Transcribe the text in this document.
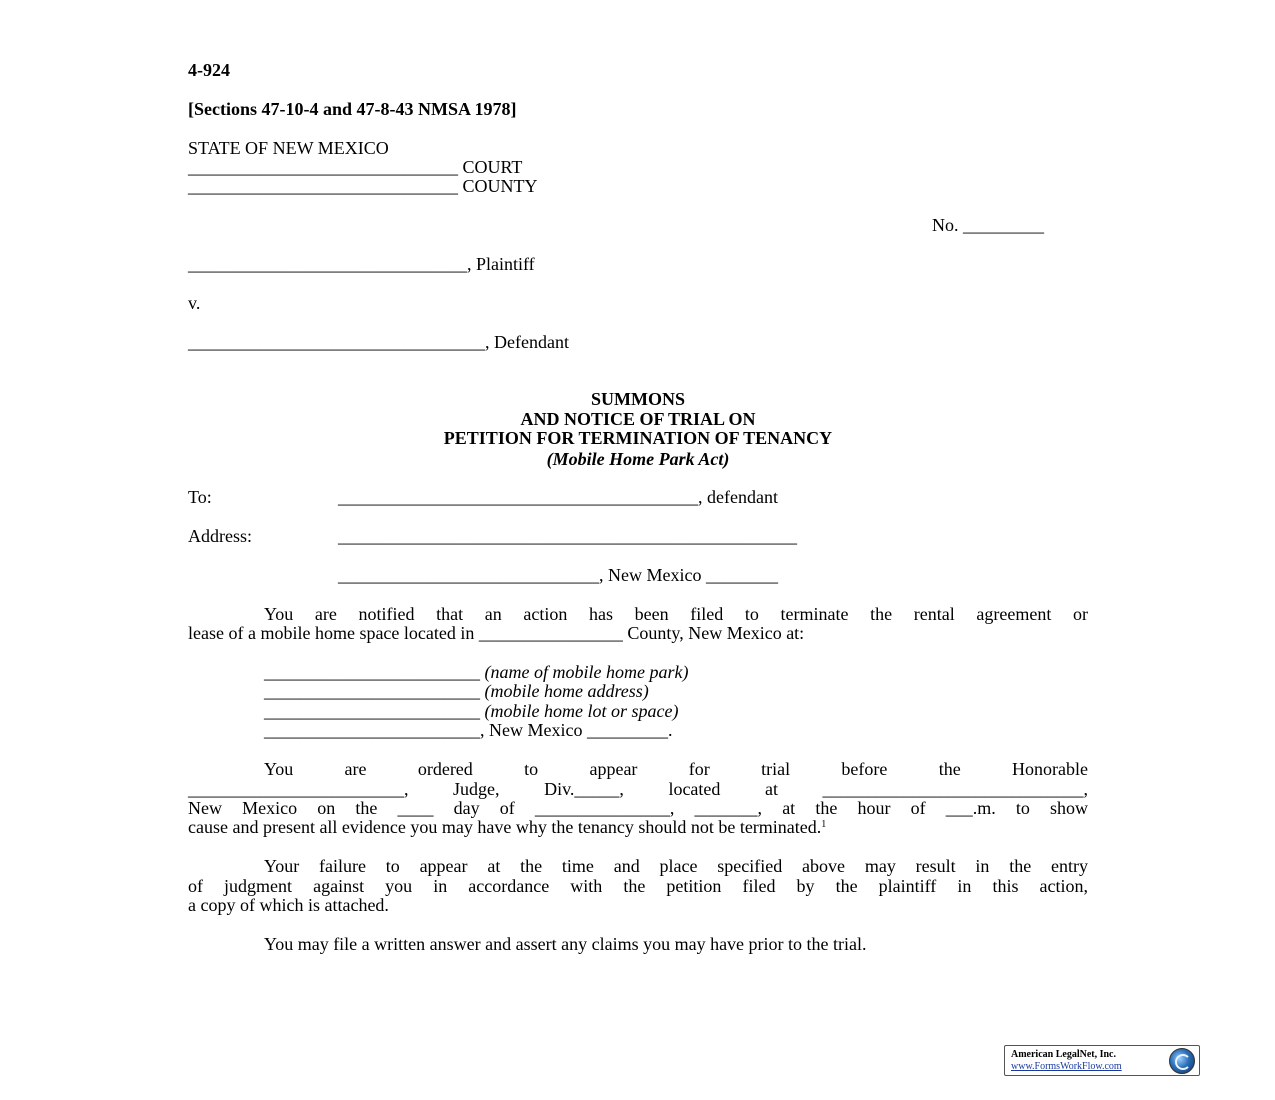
4-924
[Sections 47-10-4 and 47-8-43 NMSA 1978]
STATE OF NEW MEXICO
______________________________ COURT
______________________________ COUNTY
No. _________
_______________________________, Plaintiff
v.
_________________________________, Defendant
SUMMONS
AND NOTICE OF TRIAL ON
PETITION FOR TERMINATION OF TENANCY
(Mobile Home Park Act)
To:	________________________________________, defendant
Address:	___________________________________________________
_____________________________, New Mexico ________
You are notified that an action has been filed to terminate the rental agreement or
lease of a mobile home space located in ________________ County, New Mexico at:
________________________ (name of mobile home park)
________________________ (mobile home address)
________________________ (mobile home lot or space)
________________________, New Mexico _________.
You are ordered to appear for trial before the Honorable
________________________, Judge, Div._____, located at _____________________________,
New Mexico on the ____ day of _______________, _______, at the hour of ___.m. to show
cause and present all evidence you may have why the tenancy should not be terminated.$^1$
Your failure to appear at the time and place specified above may result in the entry
of judgment against you in accordance with the petition filed by the plaintiff in this action,
a copy of which is attached.
You may file a written answer and assert any claims you may have prior to the trial.
American LegalNet, Inc.
www.FormsWorkFlow.com
